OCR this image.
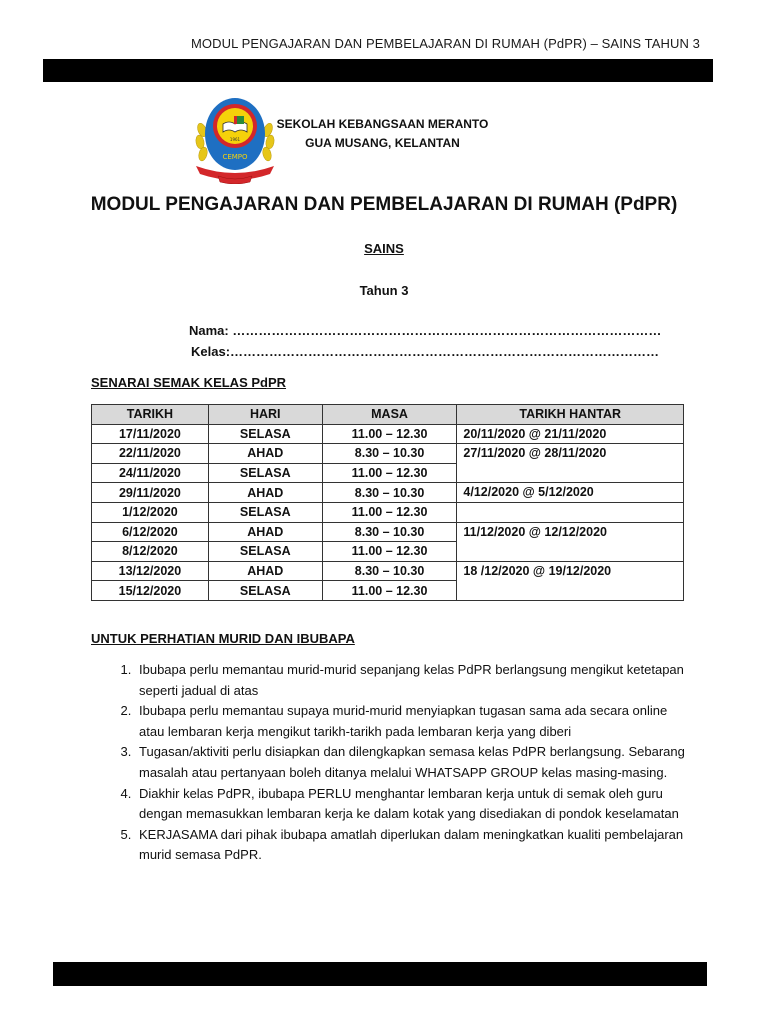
MODUL PENGAJARAN DAN PEMBELAJARAN DI RUMAH (PdPR) – SAINS TAHUN 3
1961
CEMPO
SEKOLAH KEBANGSAAN MERANTO
GUA MUSANG, KELANTAN
MODUL PENGAJARAN DAN PEMBELAJARAN DI RUMAH (PdPR)
SAINS
Tahun 3
Nama: ………………………………………………………………………………………
Kelas:………………………………………………………………………………………
SENARAI SEMAK KELAS PdPR
TARIKH	HARI	MASA	TARIKH HANTAR
17/11/2020	SELASA	11.00 – 12.30	20/11/2020 @ 21/11/2020
22/11/2020	AHAD	8.30 – 10.30	27/11/2020 @ 28/11/2020
24/11/2020	SELASA	11.00 – 12.30	
29/11/2020	AHAD	8.30 – 10.30	4/12/2020 @ 5/12/2020
1/12/2020	SELASA	11.00 – 12.30	
6/12/2020	AHAD	8.30 – 10.30	11/12/2020 @ 12/12/2020
8/12/2020	SELASA	11.00 – 12.30	
13/12/2020	AHAD	8.30 – 10.30	18 /12/2020 @ 19/12/2020
15/12/2020	SELASA	11.00 – 12.30	
UNTUK PERHATIAN MURID DAN IBUBAPA
1. Ibubapa perlu memantau murid-murid sepanjang kelas PdPR berlangsung mengikut ketetapan seperti jadual di atas
2. Ibubapa perlu memantau supaya murid-murid menyiapkan tugasan sama ada secara online atau lembaran kerja mengikut tarikh-tarikh pada lembaran kerja yang diberi
3. Tugasan/aktiviti perlu disiapkan dan dilengkapkan semasa kelas PdPR berlangsung. Sebarang masalah atau pertanyaan boleh ditanya melalui WHATSAPP GROUP kelas masing-masing.
4. Diakhir kelas PdPR, ibubapa PERLU menghantar lembaran kerja untuk di semak oleh guru dengan memasukkan lembaran kerja ke dalam kotak yang disediakan di pondok keselamatan
5. KERJASAMA dari pihak ibubapa amatlah diperlukan dalam meningkatkan kualiti pembelajaran murid semasa PdPR.
